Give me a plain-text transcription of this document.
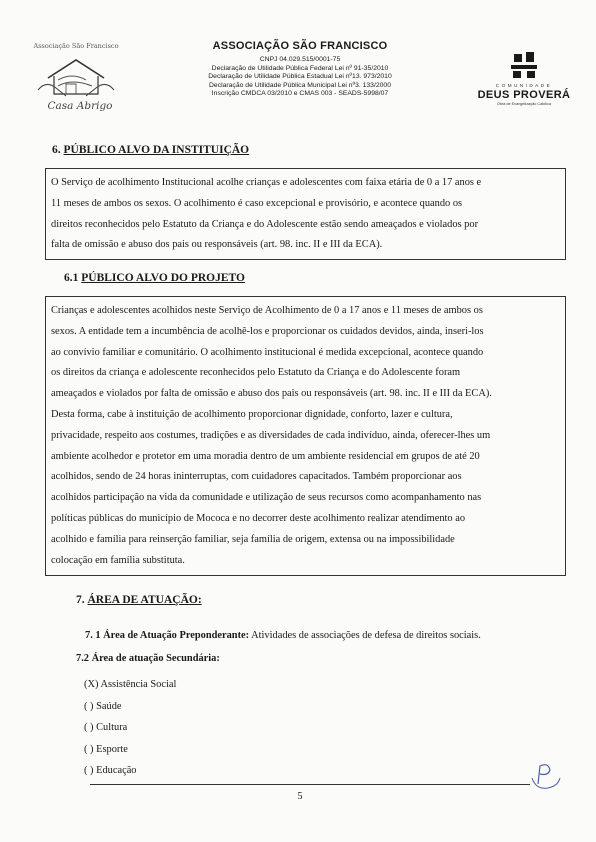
Associação São Francisco
Casa Abrigo
ASSOCIAÇÃO SÃO FRANCISCO
CNPJ 04.029.515/0001-75
Declaração de Utilidade Pública Federal Lei nº 91-35/2010
Declaração de Utilidade Pública Estadual Lei nº13. 973/2010
Declaração de Utilidade Pública Municipal Lei nº3. 133/2000
Inscrição CMDCA 03/2010 e CMAS 003 - SEADS-5998/07
COMUNIDADE
DEUS PROVERÁ
Obra de Evangelização Católica
6. PÚBLICO ALVO DA INSTITUIÇÃO
O Serviço de acolhimento Institucional acolhe crianças e adolescentes com faixa etária de 0 a 17 anos e
11 meses de ambos os sexos. O acolhimento é caso excepcional e provisório, e acontece quando os
direitos reconhecidos pelo Estatuto da Criança e do Adolescente estão sendo ameaçados e violados por
falta de omissão e abuso dos pais ou responsáveis (art. 98. inc. II e III da ECA).
6.1 PÚBLICO ALVO DO PROJETO
Crianças e adolescentes acolhidos neste Serviço de Acolhimento de 0 a 17 anos e 11 meses de ambos os
sexos. A entidade tem a incumbência de acolhê-los e proporcionar os cuidados devidos, ainda, inseri-los
ao convívio familiar e comunitário. O acolhimento institucional é medida excepcional, acontece quando
os direitos da criança e adolescente reconhecidos pelo Estatuto da Criança e do Adolescente foram
ameaçados e violados por falta de omissão e abuso dos pais ou responsáveis (art. 98. inc. II e III da ECA).
Desta forma, cabe à instituição de acolhimento proporcionar dignidade, conforto, lazer e cultura,
privacidade, respeito aos costumes, tradições e as diversidades de cada indivíduo, ainda, oferecer-lhes um
ambiente acolhedor e protetor em uma moradia dentro de um ambiente residencial em grupos de até 20
acolhidos, sendo de 24 horas ininterruptas, com cuidadores capacitados. Também proporcionar aos
acolhidos participação na vida da comunidade e utilização de seus recursos como acompanhamento nas
políticas públicas do município de Mococa e no decorrer deste acolhimento realizar atendimento ao
acolhido e família para reinserção familiar, seja família de origem, extensa ou na impossibilidade
colocação em família substituta.
7. ÁREA DE ATUAÇÃO:
7. 1 Área de Atuação Preponderante: Atividades de associações de defesa de direitos sociais.
7.2 Área de atuação Secundária:
(X) Assistência Social
( ) Saúde
( ) Cultura
( ) Esporte
( ) Educação
5
